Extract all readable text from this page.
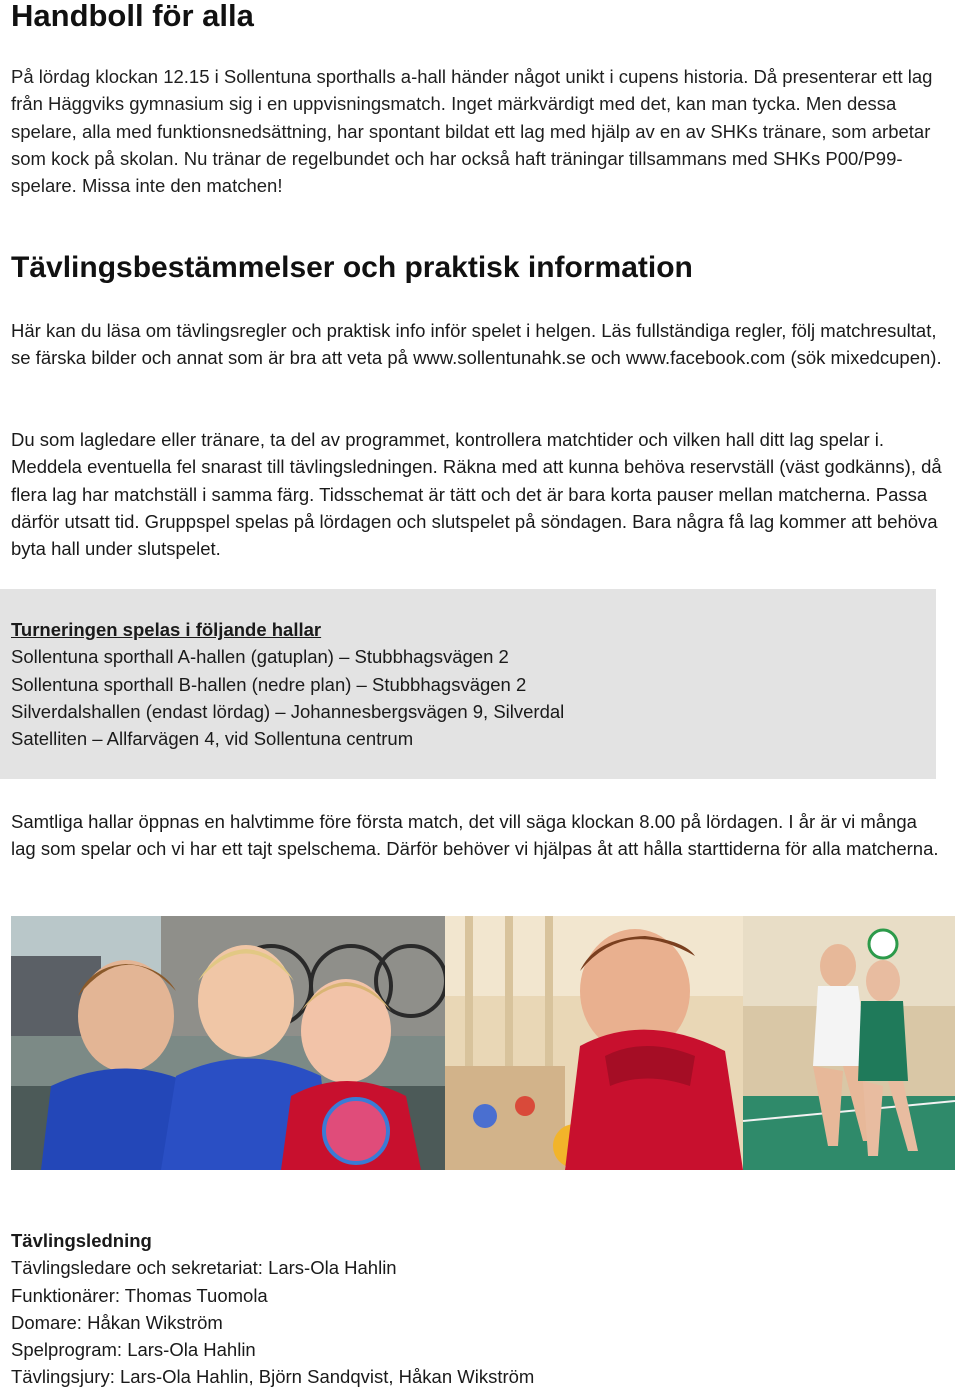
Handboll för alla

På lördag klockan 12.15 i Sollentuna sporthalls a-hall händer något unikt i cupens historia. Då presenterar ett lag från Häggviks gymnasium sig i en uppvisningsmatch. Inget märkvärdigt med det, kan man tycka. Men dessa spelare, alla med funktionsnedsättning, har spontant bildat ett lag med hjälp av en av SHKs tränare, som arbetar som kock på skolan. Nu tränar de regelbundet och har också haft träningar tillsammans med SHKs P00/P99-spelare. Missa inte den matchen!

Tävlingsbestämmelser och praktisk information

Här kan du läsa om tävlingsregler och praktisk info inför spelet i helgen. Läs fullständiga regler, följ matchresultat, se färska bilder och annat som är bra att veta på www.sollentunahk.se och www.facebook.com (sök mixedcupen).

Du som lagledare eller tränare, ta del av programmet, kontrollera matchtider och vilken hall ditt lag spelar i. Meddela eventuella fel snarast till tävlingsledningen. Räkna med att kunna behöva reservställ (väst godkänns), då flera lag har matchställ i samma färg. Tidsschemat är tätt och det är bara korta pauser mellan matcherna. Passa därför utsatt tid. Gruppspel spelas på lördagen och slutspelet på söndagen. Bara några få lag kommer att behöva byta hall under slutspelet.

Turneringen spelas i följande hallar
Sollentuna sporthall A-hallen (gatuplan) – Stubbhagsvägen 2
Sollentuna sporthall B-hallen (nedre plan) – Stubbhagsvägen 2
Silverdalshallen (endast lördag) – Johannesbergsvägen 9, Silverdal
Satelliten – Allfarvägen 4, vid Sollentuna centrum

Samtliga hallar öppnas en halvtimme före första match, det vill säga klockan 8.00 på lördagen. I år är vi många lag som spelar och vi har ett tajt spelschema. Därför behöver vi hjälpas åt att hålla starttiderna för alla matcherna.

Tävlingsledning
Tävlingsledare och sekretariat: Lars-Ola Hahlin
Funktionärer: Thomas Tuomola
Domare: Håkan Wikström
Spelprogram: Lars-Ola Hahlin
Tävlingsjury: Lars-Ola Hahlin, Björn Sandqvist, Håkan Wikström
